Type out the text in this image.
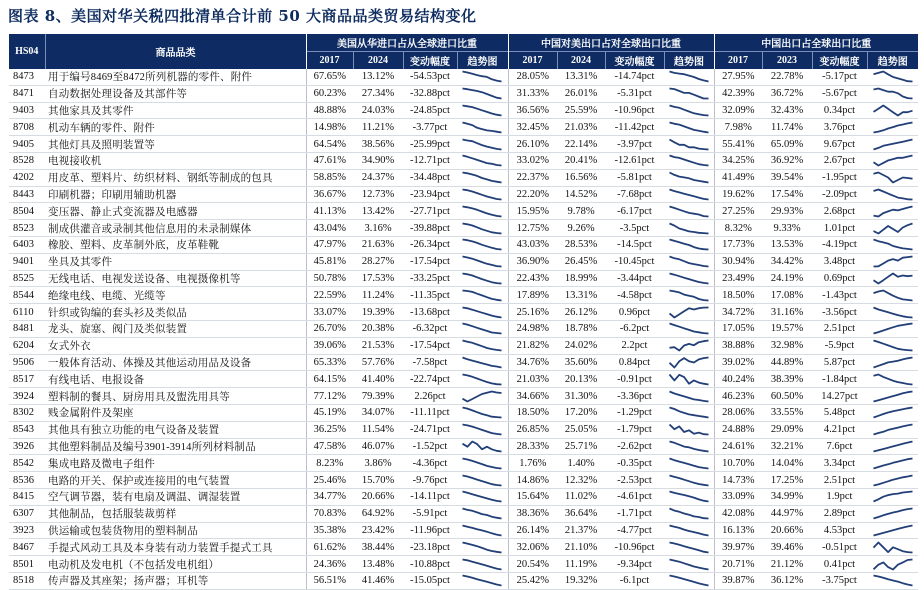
图表 8、美国对华关税四批清单合计前 50 大商品品类贸易结构变化
HS04	商品品类	美国从华进口占从全球进口比重				中国对美出口占对全球出口比重				中国出口占全球出口比重			
		2017	2024	变动幅度	趋势图	2017	2024	变动幅度	趋势图	2017	2023	变动幅度	趋势图
8473	用于编号8469至8472所列机器的零件、附件	67.65%	13.12%	-54.53pct		28.05%	13.31%	-14.74pct		27.95%	22.78%	-5.17pct	

8471	自动数据处理设备及其部件等	60.23%	27.34%	-32.88pct		31.33%	26.01%	-5.31pct		42.39%	36.72%	-5.67pct	

9403	其他家具及其零件	48.88%	24.03%	-24.85pct		36.56%	25.59%	-10.96pct		32.09%	32.43%	0.34pct	

8708	机动车辆的零件、附件	14.98%	11.21%	-3.77pct		32.45%	21.03%	-11.42pct		7.98%	11.74%	3.76pct	

9405	其他灯具及照明装置等	64.54%	38.56%	-25.99pct		26.10%	22.14%	-3.97pct		55.41%	65.09%	9.67pct	

8528	电视接收机	47.61%	34.90%	-12.71pct		33.02%	20.41%	-12.61pct		34.25%	36.92%	2.67pct	

4202	用皮革、塑料片、纺织材料、钢纸等制成的包具	58.85%	24.37%	-34.48pct		22.37%	16.56%	-5.81pct		41.49%	39.54%	-1.95pct	

8443	印刷机器；印刷用辅助机器	36.67%	12.73%	-23.94pct		22.20%	14.52%	-7.68pct		19.62%	17.54%	-2.09pct	

8504	变压器、静止式变流器及电感器	41.13%	13.42%	-27.71pct		15.95%	9.78%	-6.17pct		27.25%	29.93%	2.68pct	

8523	制成供灌音或录制其他信息用的未录制媒体	43.04%	3.16%	-39.88pct		12.75%	9.26%	-3.5pct		8.32%	9.33%	1.01pct	

6403	橡胶、塑料、皮革制外底，皮革鞋靴	47.97%	21.63%	-26.34pct		43.03%	28.53%	-14.5pct		17.73%	13.53%	-4.19pct	

9401	坐具及其零件	45.81%	28.27%	-17.54pct		36.90%	26.45%	-10.45pct		30.94%	34.42%	3.48pct	

8525	无线电话、电视发送设备、电视摄像机等	50.78%	17.53%	-33.25pct		22.43%	18.99%	-3.44pct		23.49%	24.19%	0.69pct	

8544	绝缘电线、电缆、光缆等	22.59%	11.24%	-11.35pct		17.89%	13.31%	-4.58pct		18.50%	17.08%	-1.43pct	

6110	针织或钩编的套头衫及类似品	33.07%	19.39%	-13.68pct		25.16%	26.12%	0.96pct		34.72%	31.16%	-3.56pct	

8481	龙头、旋塞、阀门及类似装置	26.70%	20.38%	-6.32pct		24.98%	18.78%	-6.2pct		17.05%	19.57%	2.51pct	

6204	女式外衣	39.06%	21.53%	-17.54pct		21.82%	24.02%	2.2pct		38.88%	32.98%	-5.9pct	

9506	一般体育活动、体操及其他运动用品及设备	65.33%	57.76%	-7.58pct		34.76%	35.60%	0.84pct		39.02%	44.89%	5.87pct	

8517	有线电话、电报设备	64.15%	41.40%	-22.74pct		21.03%	20.13%	-0.91pct		40.24%	38.39%	-1.84pct	

3924	塑料制的餐具、厨房用具及盥洗用具等	77.12%	79.39%	2.26pct		34.66%	31.30%	-3.36pct		46.23%	60.50%	14.27pct	

8302	贱金属附件及架座	45.19%	34.07%	-11.11pct		18.50%	17.20%	-1.29pct		28.06%	33.55%	5.48pct	

8543	其他具有独立功能的电气设备及装置	36.25%	11.54%	-24.71pct		26.85%	25.05%	-1.79pct		24.88%	29.09%	4.21pct	

3926	其他塑料制品及编号3901-3914所列材料制品	47.58%	46.07%	-1.52pct		28.33%	25.71%	-2.62pct		24.61%	32.21%	7.6pct	

8542	集成电路及微电子组件	8.23%	3.86%	-4.36pct		1.76%	1.40%	-0.35pct		10.70%	14.04%	3.34pct	

8536	电路的开关、保护或连接用的电气装置	25.46%	15.70%	-9.76pct		14.86%	12.32%	-2.53pct		14.73%	17.25%	2.51pct	

8415	空气调节器，装有电扇及调温、调湿装置	34.77%	20.66%	-14.11pct		15.64%	11.02%	-4.61pct		33.09%	34.99%	1.9pct	

6307	其他制品，包括服装裁剪样	70.83%	64.92%	-5.91pct		38.36%	36.64%	-1.71pct		42.08%	44.97%	2.89pct	

3923	供运输或包装货物用的塑料制品	35.38%	23.42%	-11.96pct		26.14%	21.37%	-4.77pct		16.13%	20.66%	4.53pct	

8467	手提式风动工具及本身装有动力装置手提式工具	61.62%	38.44%	-23.18pct		32.06%	21.10%	-10.96pct		39.97%	39.46%	-0.51pct	

8501	电动机及发电机（不包括发电机组）	24.36%	13.48%	-10.88pct		20.54%	11.19%	-9.34pct		20.71%	21.12%	0.41pct	

8518	传声器及其座架；扬声器；耳机等	56.51%	41.46%	-15.05pct		25.42%	19.32%	-6.1pct		39.87%	36.12%	-3.75pct	
